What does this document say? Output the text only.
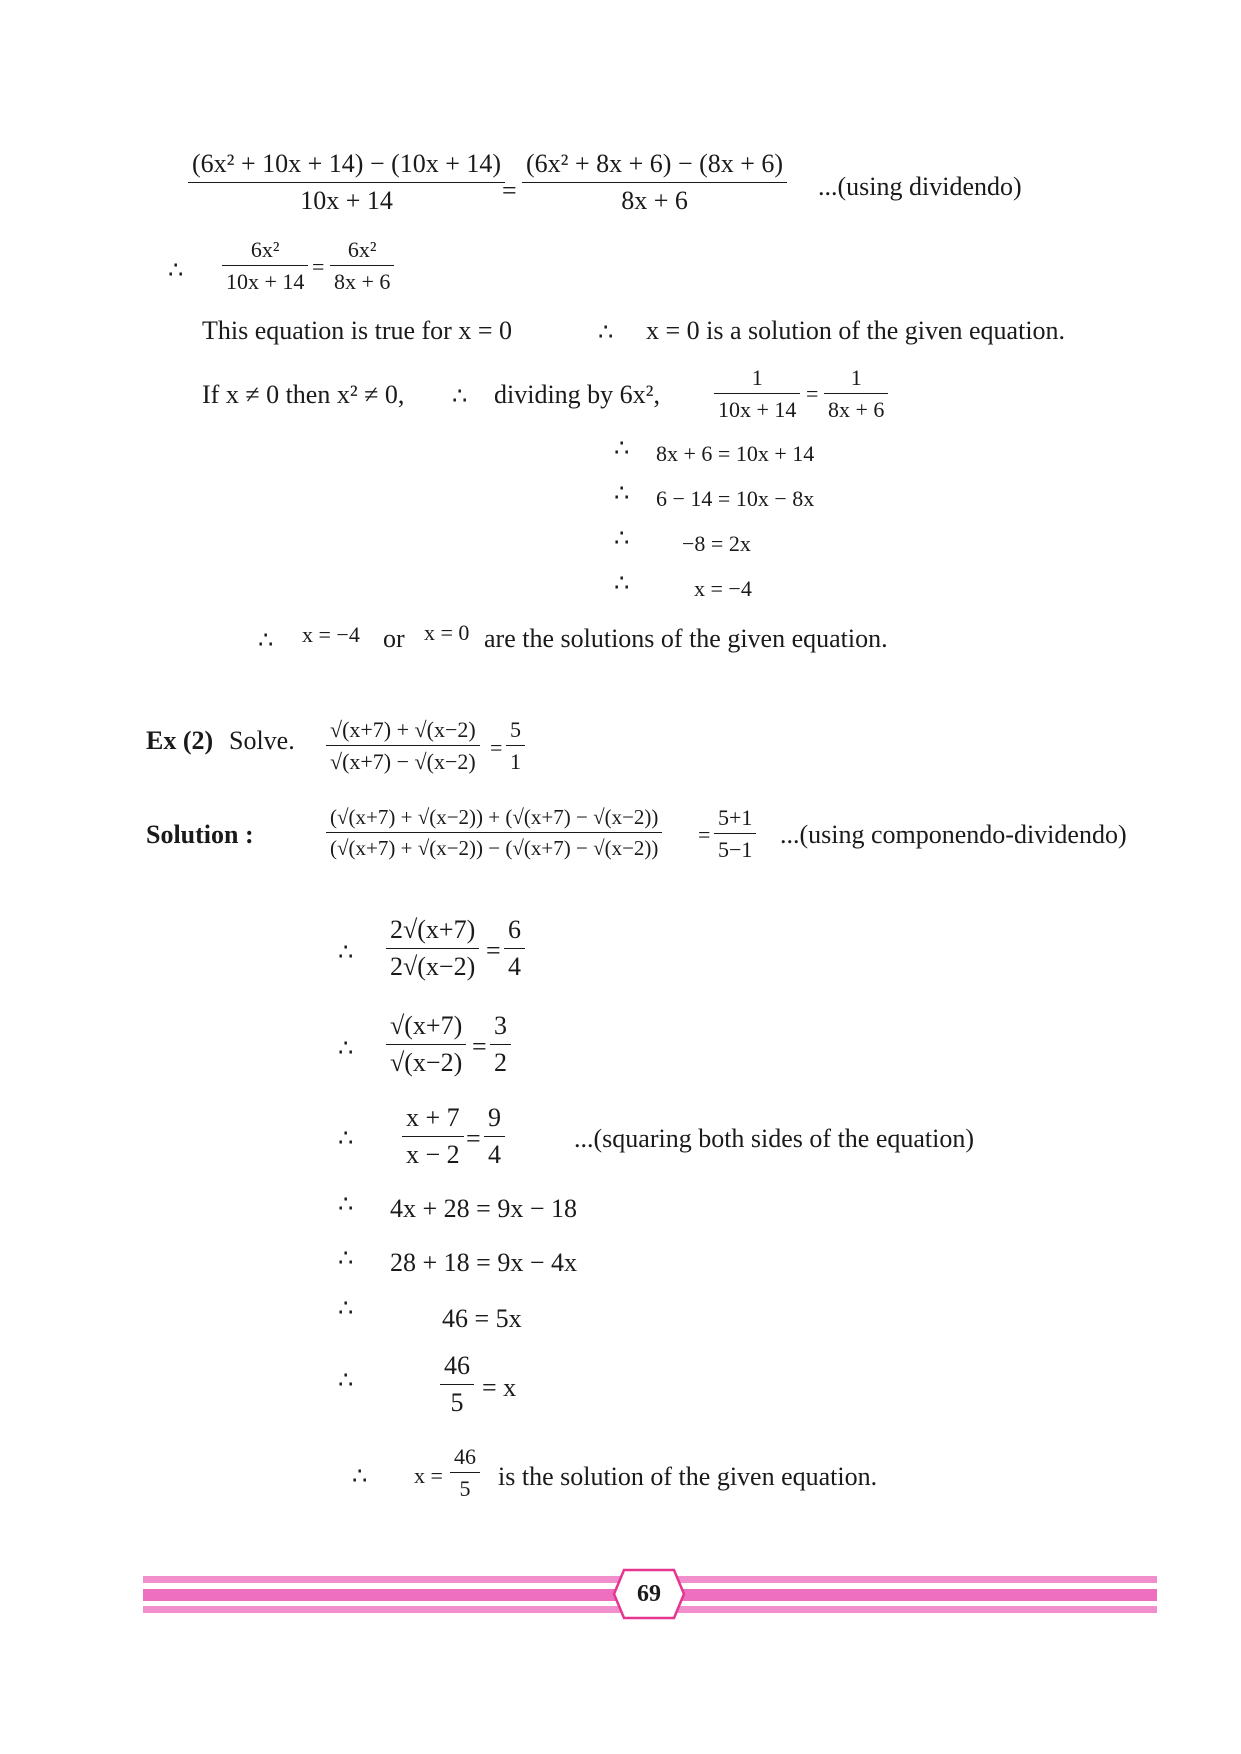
(6x² + 10x + 14) − (10x + 14)
10x + 14	=
(6x² + 8x + 6) − (8x + 6)
8x + 6	...(using dividendo)
∴
6x²
10x + 14
=
6x²
8x + 6
This equation is true for x = 0	∴ x = 0 is a solution of the given equation.
If x ≠ 0 then x² ≠ 0, ∴ dividing by 6x²,
1
10x + 14
=
1
8x + 6
∴ 8x + 6 = 10x + 14
∴ 6 − 14 = 10x − 8x
∴ −8 = 2x
∴	x = −4
∴ x = −4 or x = 0 are the solutions of the given equation.
Ex (2) Solve. √(x+7) + √(x−2)
√(x+7) − √(x−2)
=
5
1
Solution :
(√(x+7) + √(x−2)) + (√(x+7) − √(x−2))
(√(x+7) + √(x−2)) − (√(x+7) − √(x−2))
=
5+1
5−1
...(using componendo-dividendo)
∴
2√(x+7)
2√(x−2)
=
6
4
∴
√(x+7)
√(x−2)
=
3
2
∴
x + 7
x − 2
=
9
4
...(squaring both sides of the equation)
∴ 4x + 28 = 9x − 18
∴ 28 + 18 = 9x − 4x
∴	46 = 5x
∴	46
5
= x
∴ x =
46
5 is the solution of the given equation.
69
